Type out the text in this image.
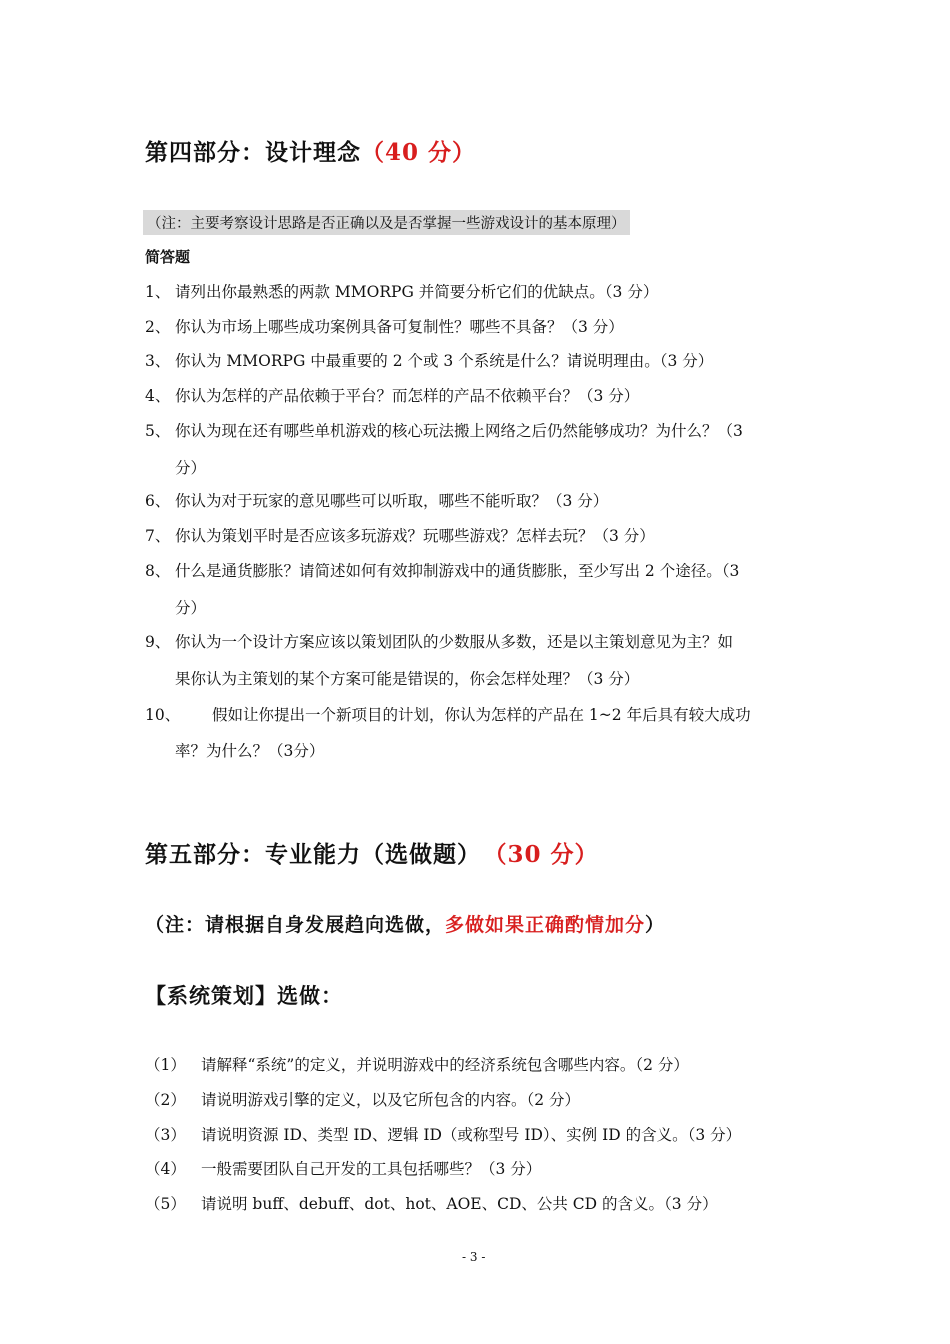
第四部分：设计理念（40 分）
（注：主要考察设计思路是否正确以及是否掌握一些游戏设计的基本原理）
简答题
1、 请列出你最熟悉的两款 MMORPG 并简要分析它们的优缺点。（3 分）
2、 你认为市场上哪些成功案例具备可复制性？哪些不具备？（3 分）
3、 你认为 MMORPG 中最重要的 2 个或 3 个系统是什么？请说明理由。（3 分）
4、 你认为怎样的产品依赖于平台？而怎样的产品不依赖平台？（3 分）
5、 你认为现在还有哪些单机游戏的核心玩法搬上网络之后仍然能够成功？为什么？（3
分）
6、 你认为对于玩家的意见哪些可以听取，哪些不能听取？（3 分）
7、 你认为策划平时是否应该多玩游戏？玩哪些游戏？怎样去玩？（3 分）
8、 什么是通货膨胀？请简述如何有效抑制游戏中的通货膨胀，至少写出 2 个途径。（3
分）
9、 你认为一个设计方案应该以策划团队的少数服从多数，还是以主策划意见为主？如
果你认为主策划的某个方案可能是错误的，你会怎样处理？（3 分）
10、 假如让你提出一个新项目的计划，你认为怎样的产品在 1~2 年后具有较大成功
率？为什么？（3分）
第五部分：专业能力（选做题） （30 分）
（注：请根据自身发展趋向选做，多做如果正确酌情加分）
【系统策划】选做：
（1） 请解释“系统”的定义，并说明游戏中的经济系统包含哪些内容。（2 分）
（2） 请说明游戏引擎的定义，以及它所包含的内容。（2 分）
（3） 请说明资源 ID、类型 ID、逻辑 ID（或称型号 ID）、实例 ID 的含义。（3 分）
（4） 一般需要团队自己开发的工具包括哪些？（3 分）
（5） 请说明 buff、debuff、dot、hot、AOE、CD、公共 CD 的含义。（3 分）
- 3 -
